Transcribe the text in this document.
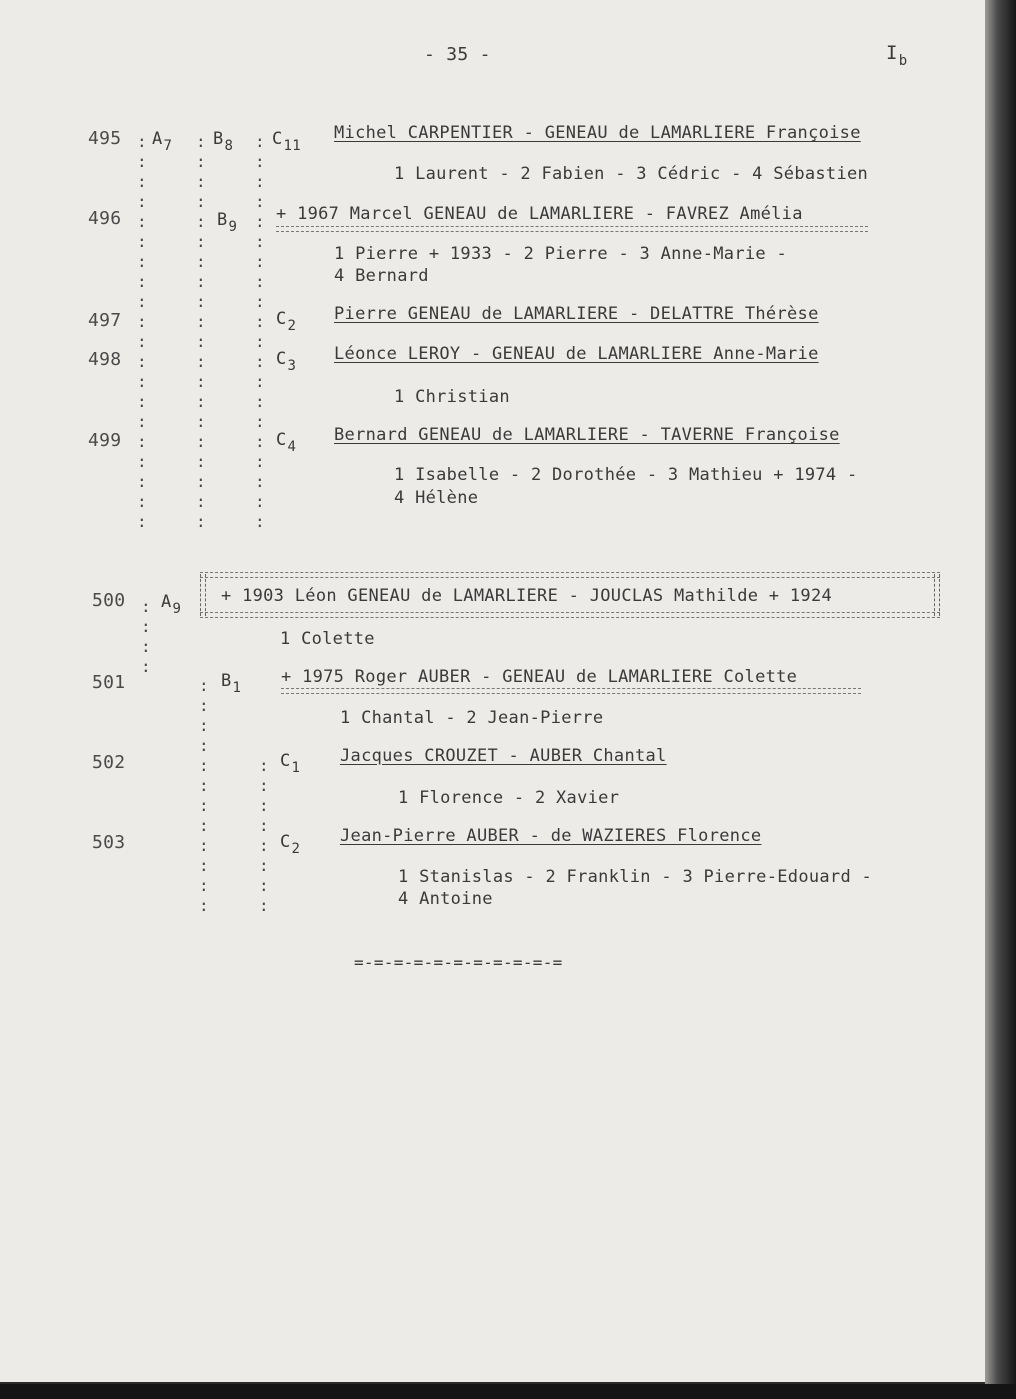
- 35 -	$I_b$
495 $A_7$ $B_8$ $C_{11}$
Michel CARPENTIER - GENEAU de LAMARLIERE Françoise
1 Laurent - 2 Fabien - 3 Cédric - 4 Sébastien
496	$B_9$
+ 1967 Marcel GENEAU de LAMARLIERE - FAVREZ Amélia
1 Pierre + 1933 - 2 Pierre - 3 Anne-Marie -
4 Bernard
497	$C_2$
Pierre GENEAU de LAMARLIERE - DELATTRE Thérèse
498	$C_3$
Léonce LEROY - GENEAU de LAMARLIERE Anne-Marie
1 Christian
499	$C_4$
Bernard GENEAU de LAMARLIERE - TAVERNE Françoise
1 Isabelle - 2 Dorothée - 3 Mathieu + 1974 -
4 Hélène
500 $A_9$
+ 1903 Léon GENEAU de LAMARLIERE - JOUCLAS Mathilde + 1924
1 Colette
501	$B_1$
+ 1975 Roger AUBER - GENEAU de LAMARLIERE Colette
1 Chantal - 2 Jean-Pierre
502	$C_1$
Jacques CROUZET - AUBER Chantal
1 Florence - 2 Xavier
503	$C_2$
Jean-Pierre AUBER - de WAZIERES Florence
1 Stanislas - 2 Franklin - 3 Pierre-Edouard -
4 Antoine
=-=-=-=-=-=-=-=-=-=-=
:
:
:
:
:
:
:
:
:
:
:
:
:
:
:
:
:
:
:
:
:
:
:
:
:
:
:
:
:
:
:
:
:
:
:
:
:
:
:
:
:
:
:
:
:
:
:
:
:
:
:
:
:
:
:
:
:
:
:
:
:
:
:
:
:
:
:
:
:
:
:
:
:
:
:
:
:
:
:
:
:
:
:
:
